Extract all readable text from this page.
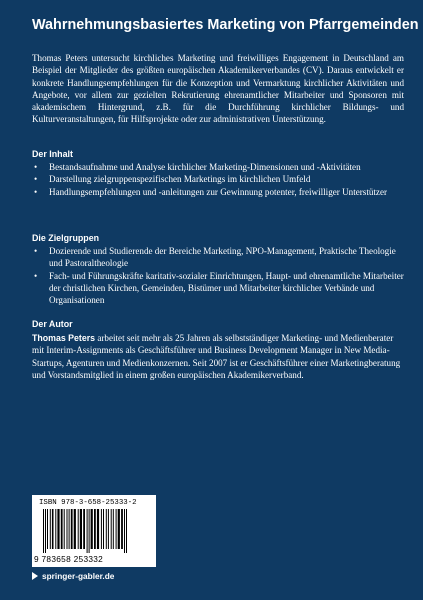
Wahrnehmungsbasiertes Marketing von Pfarrgemeinden
Thomas Peters untersucht kirchliches Marketing und freiwilliges Engagement in Deutschland am Beispiel der Mitglieder des größten europäischen Akademikerverbandes (CV). Daraus entwickelt er konkrete Handlungsempfehlungen für die Konzeption und Vermarktung kirchlicher Aktivitäten und Angebote, vor allem zur gezielten Rekrutierung ehrenamtlicher Mitarbeiter und Sponsoren mit akademischem Hintergrund, z.B. für die Durchführung kirchlicher Bildungs- und Kulturveranstaltungen, für Hilfsprojekte oder zur administrativen Unterstützung.
Der Inhalt
• Bestandsaufnahme und Analyse kirchlicher Marketing-Dimensionen und -Aktivitäten
• Darstellung zielgruppenspezifischen Marketings im kirchlichen Umfeld
• Handlungsempfehlungen und -anleitungen zur Gewinnung potenter, freiwilliger Unterstützer
Die Zielgruppen
• Dozierende und Studierende der Bereiche Marketing, NPO-Management, Praktische Theologie und Pastoraltheologie
• Fach- und Führungskräfte karitativ-sozialer Einrichtungen, Haupt- und ehrenamtliche Mitarbeiter der christlichen Kirchen, Gemeinden, Bistümer und Mitarbeiter kirchlicher Verbände und Organisationen
Der Autor
Thomas Peters arbeitet seit mehr als 25 Jahren als selbstständiger Marketing- und Medienberater mit Interim-Assignments als Geschäftsführer und Business Development Manager in New Media-Startups, Agenturen und Medienkonzernen. Seit 2007 ist er Geschäftsführer einer Marketingberatung und Vorstandsmitglied in einem großen europäischen Akademikerverband.
ISBN 978-3-658-25333-2
9 783658 253332
springer-gabler.de
